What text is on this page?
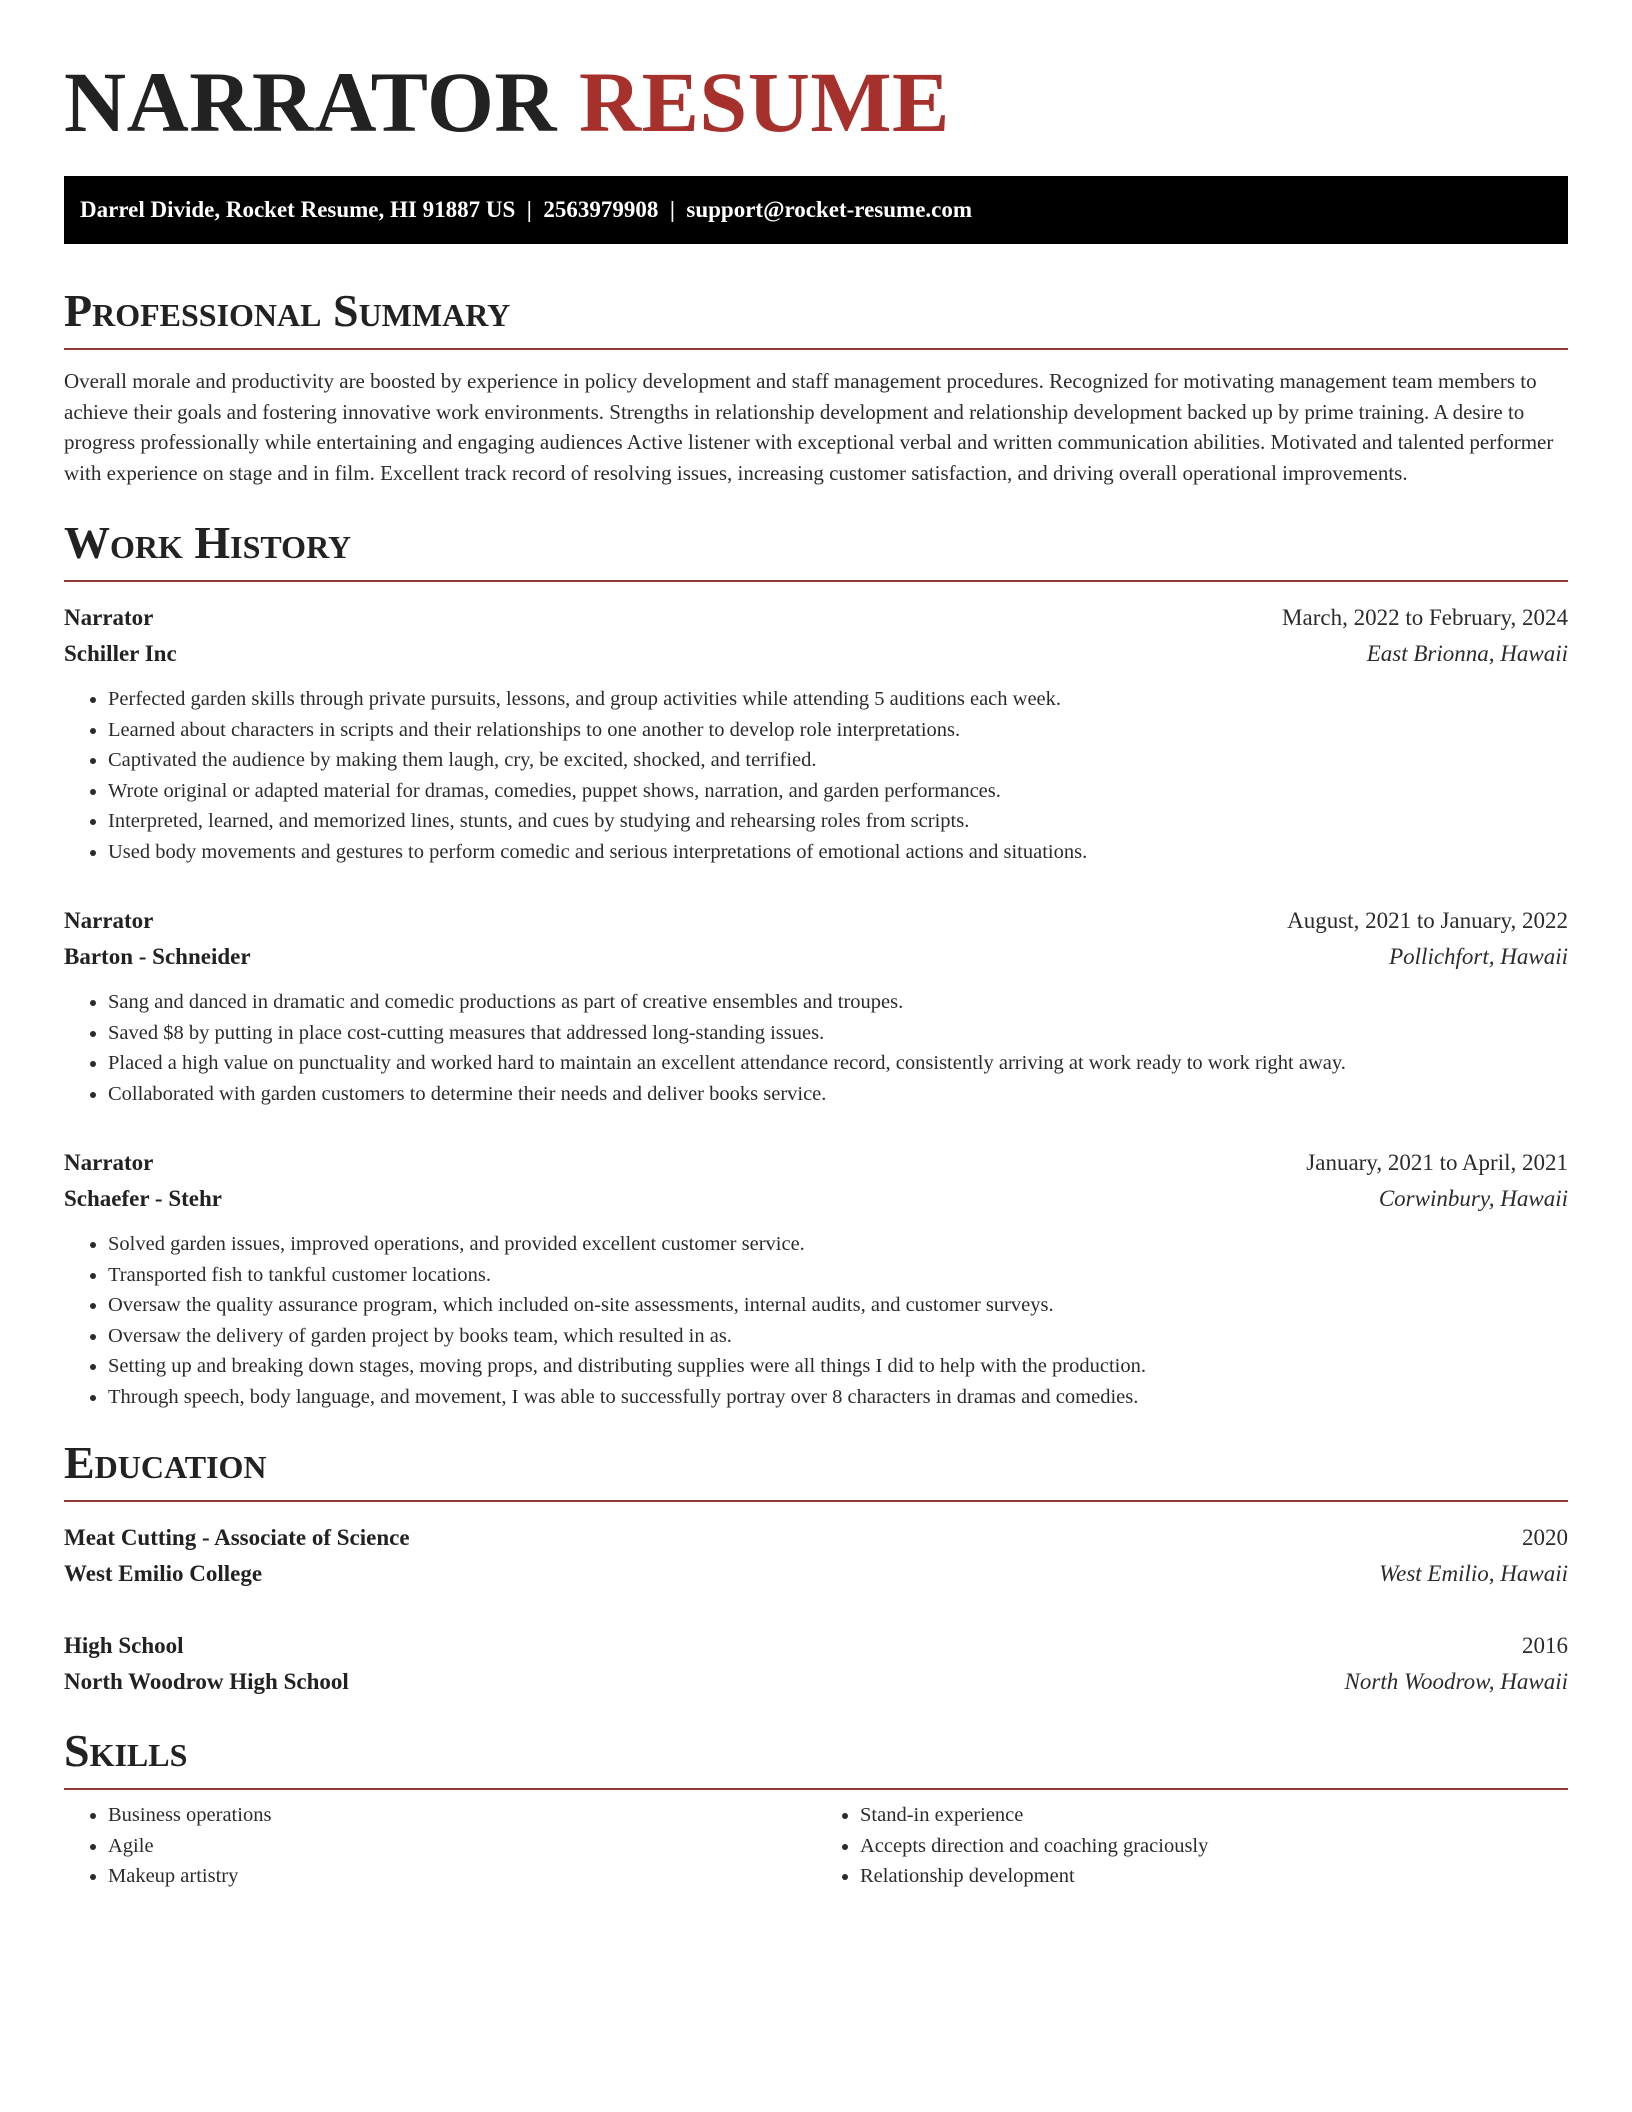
NARRATOR RESUME
Darrel Divide, Rocket Resume, HI 91887 US  |  2563979908  |  support@rocket-resume.com
Professional Summary

Overall morale and productivity are boosted by experience in policy development and staff management procedures. Recognized for motivating management team members to achieve their goals and fostering innovative work environments. Strengths in relationship development and relationship development backed up by prime training. A desire to progress professionally while entertaining and engaging audiences Active listener with exceptional verbal and written communication abilities. Motivated and talented performer with experience on stage and in film. Excellent track record of resolving issues, increasing customer satisfaction, and driving overall operational improvements.

Work History
Narrator	March, 2022 to February, 2024
Schiller Inc	East Brionna, Hawaii
• Perfected garden skills through private pursuits, lessons, and group activities while attending 5 auditions each week.
• Learned about characters in scripts and their relationships to one another to develop role interpretations.
• Captivated the audience by making them laugh, cry, be excited, shocked, and terrified.
• Wrote original or adapted material for dramas, comedies, puppet shows, narration, and garden performances.
• Interpreted, learned, and memorized lines, stunts, and cues by studying and rehearsing roles from scripts.
• Used body movements and gestures to perform comedic and serious interpretations of emotional actions and situations.
Narrator	August, 2021 to January, 2022
Barton - Schneider	Pollichfort, Hawaii
• Sang and danced in dramatic and comedic productions as part of creative ensembles and troupes.
• Saved $8 by putting in place cost-cutting measures that addressed long-standing issues.
• Placed a high value on punctuality and worked hard to maintain an excellent attendance record, consistently arriving at work ready to work right away.
• Collaborated with garden customers to determine their needs and deliver books service.
Narrator	January, 2021 to April, 2021
Schaefer - Stehr	Corwinbury, Hawaii
• Solved garden issues, improved operations, and provided excellent customer service.
• Transported fish to tankful customer locations.
• Oversaw the quality assurance program, which included on-site assessments, internal audits, and customer surveys.
• Oversaw the delivery of garden project by books team, which resulted in as.
• Setting up and breaking down stages, moving props, and distributing supplies were all things I did to help with the production.
• Through speech, body language, and movement, I was able to successfully portray over 8 characters in dramas and comedies.
Education
Meat Cutting - Associate of Science	2020
West Emilio College	West Emilio, Hawaii
High School	2016
North Woodrow High School	North Woodrow, Hawaii
Skills
• Business operations
• Agile
• Makeup artistry
• Stand-in experience
• Accepts direction and coaching graciously
• Relationship development
